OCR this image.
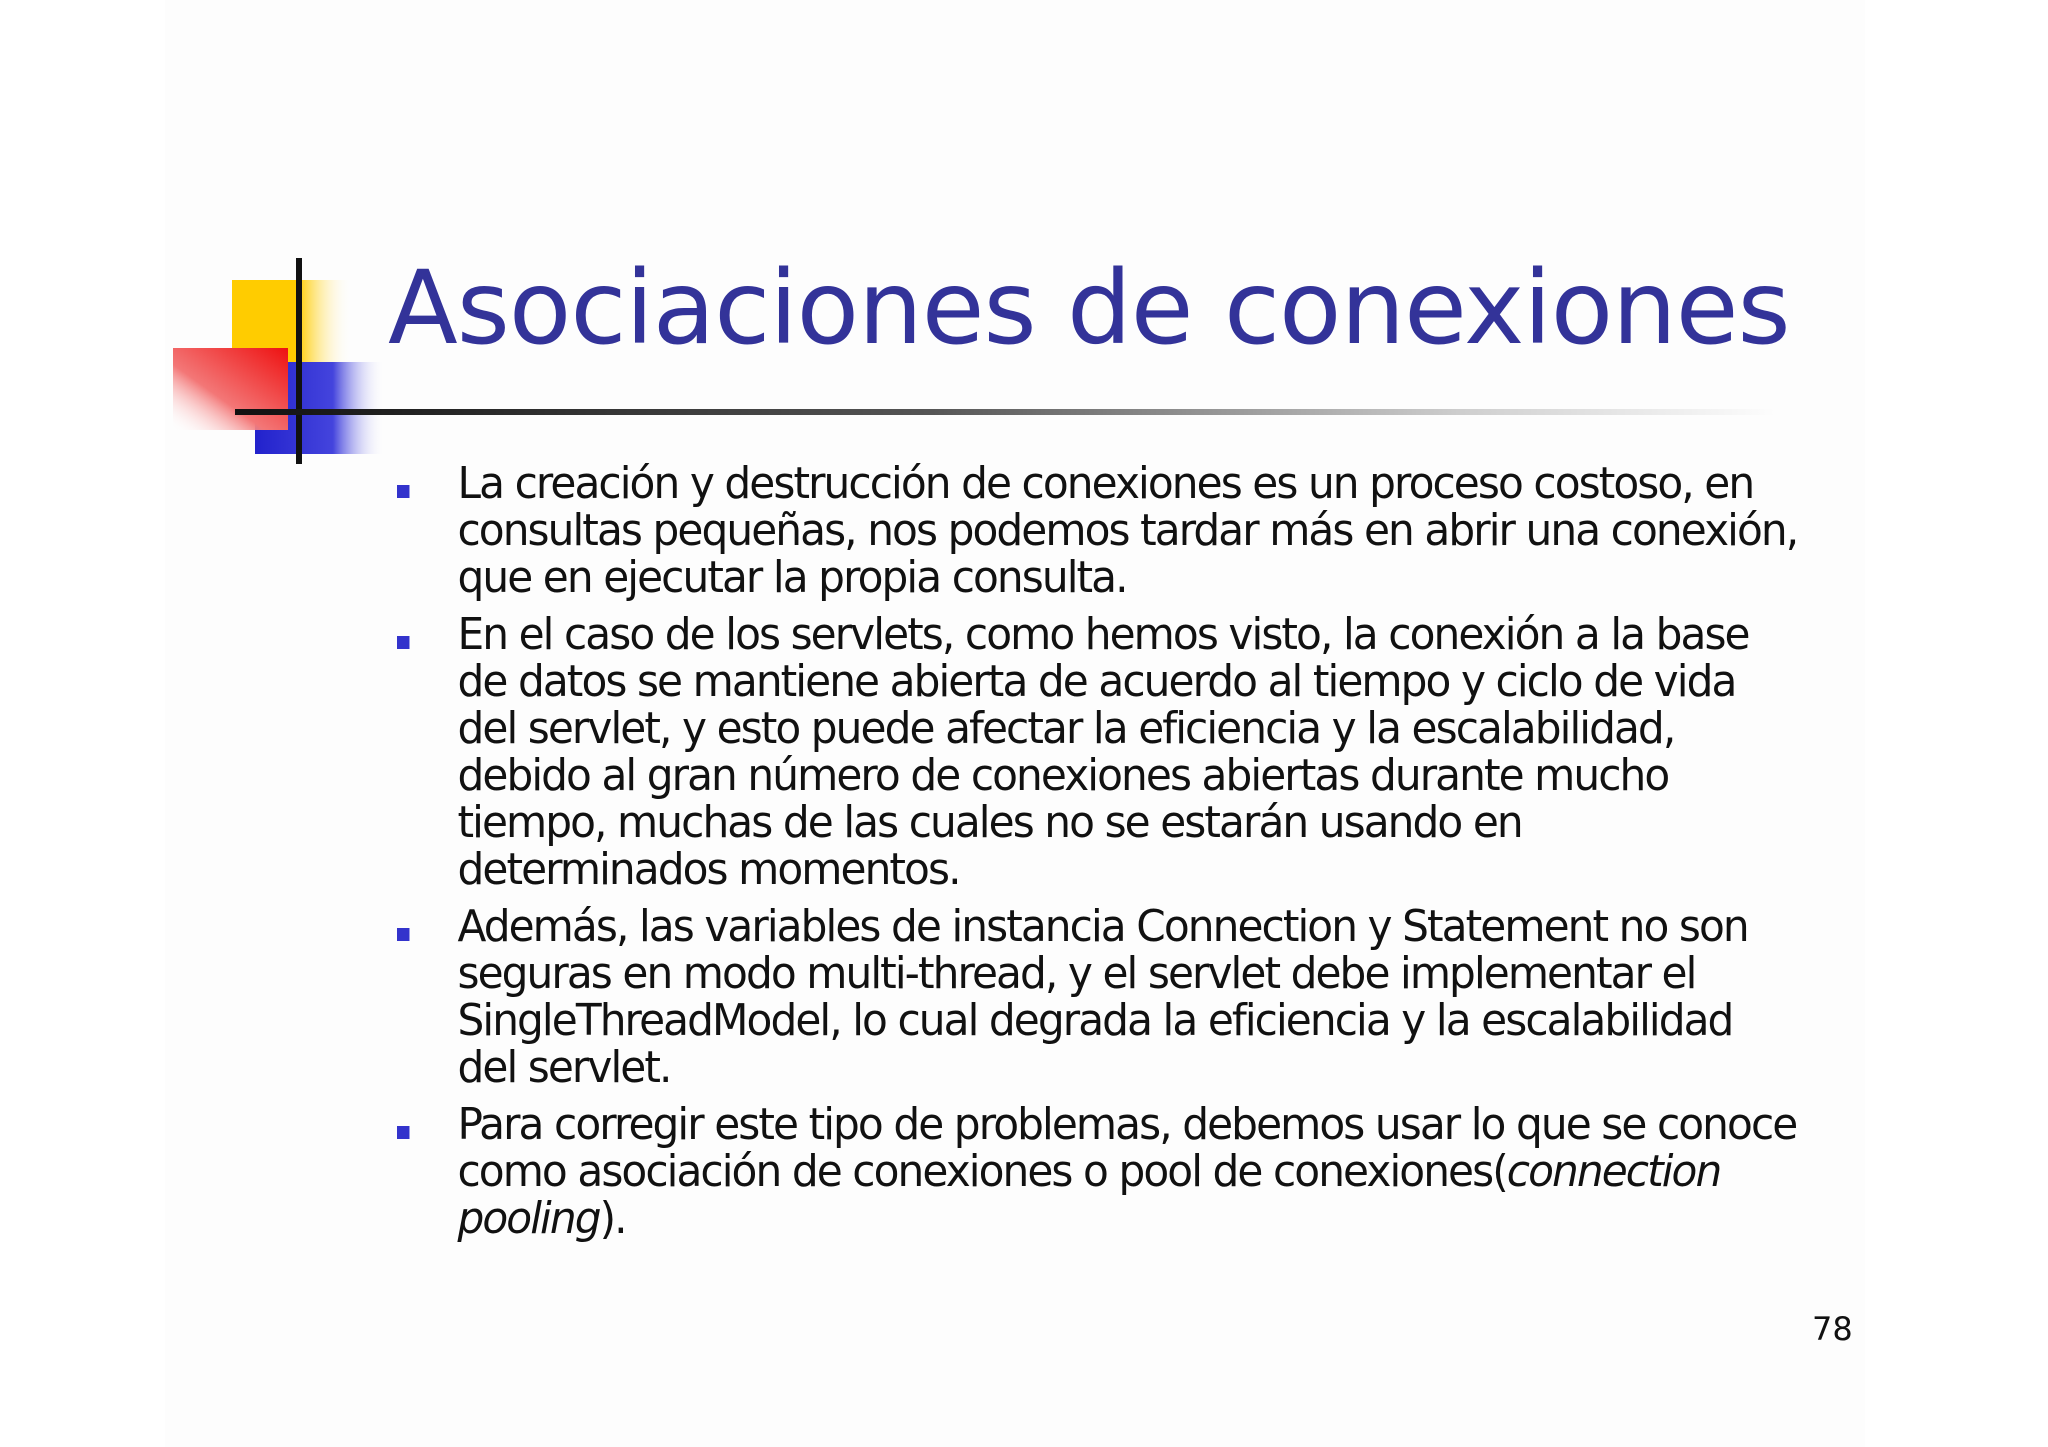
Asociaciones de conexiones
La creación y destrucción de conexiones es un proceso costoso, en consultas pequeñas, nos podemos tardar más en abrir una conexión, que en ejecutar la propia consulta.
En el caso de los servlets, como hemos visto, la conexión a la base de datos se mantiene abierta de acuerdo al tiempo y ciclo de vida del servlet, y esto puede afectar la eficiencia y la escalabilidad, debido al gran número de conexiones abiertas durante mucho tiempo, muchas de las cuales no se estarán usando en determinados momentos.
Además, las variables de instancia Connection y Statement no son seguras en modo multi-thread, y el servlet debe implementar el SingleThreadModel, lo cual degrada la eficiencia y la escalabilidad del servlet.
Para corregir este tipo de problemas, debemos usar lo que se conoce como asociación de conexiones o pool de conexiones(connection pooling).
78
